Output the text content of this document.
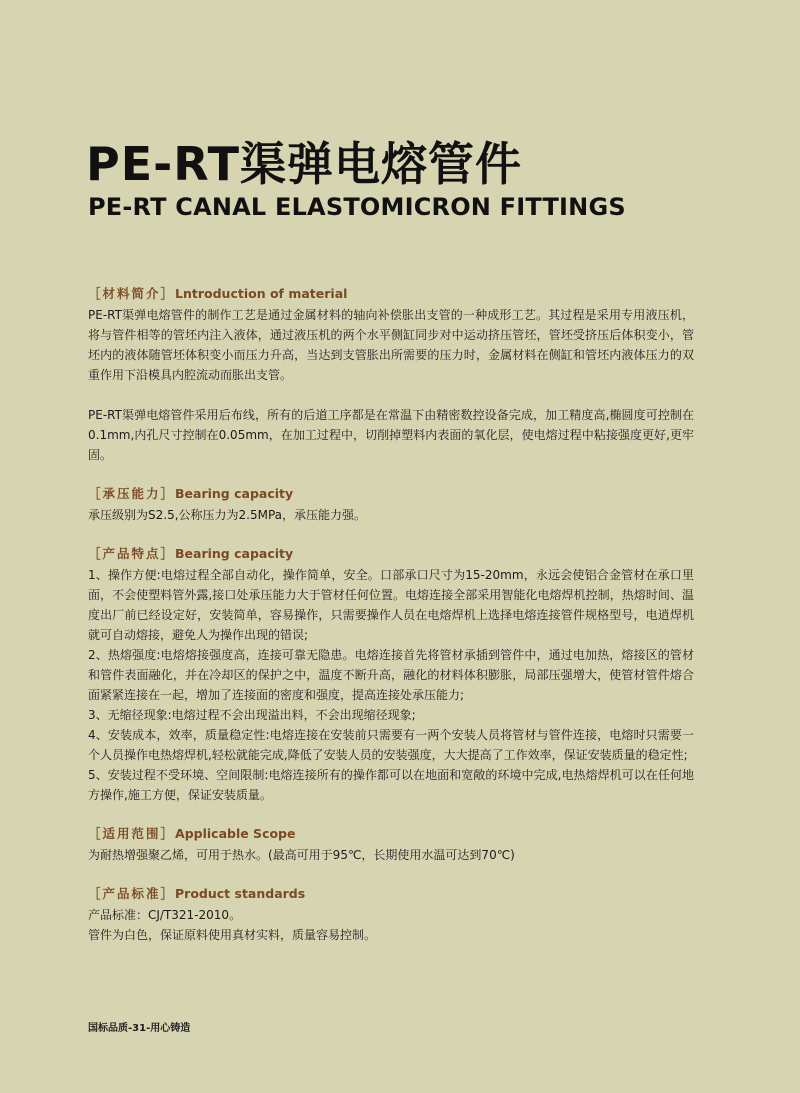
PE-RT渠弹电熔管件
PE-RT CANAL ELASTOMICRON FITTINGS
［材料简介］Lntroduction of material

PE-RT渠弹电熔管件的制作工艺是通过金属材料的轴向补偿胀出支管的一种成形工艺。其过程是采用专用液压机，将与管件相等的管坯内注入液体，通过液压机的两个水平侧缸同步对中运动挤压管坯，管坯受挤压后体积变小，管坯内的液体随管坯体积变小而压力升高，当达到支管胀出所需要的压力时，金属材料在侧缸和管坯内液体压力的双重作用下沿模具内腔流动而胀出支管。

PE-RT渠弹电熔管件采用后布线，所有的后道工序都是在常温下由精密数控设备完成，加工精度高,椭圆度可控制在0.1mm,内孔尺寸控制在0.05mm，在加工过程中，切削掉塑料内表面的氧化层，使电熔过程中粘接强度更好,更牢固。

［承压能力］Bearing capacity

承压级别为S2.5,公称压力为2.5MPa，承压能力强。

［产品特点］Bearing capacity

1、操作方便:电熔过程全部自动化，操作简单，安全。口部承口尺寸为15-20mm，永远会使铝合金管材在承口里面，不会使塑料管外露,接口处承压能力大于管材任何位置。电熔连接全部采用智能化电熔焊机控制，热熔时间、温度出厂前已经设定好，安装简单，容易操作，只需要操作人员在电熔焊机上选择电熔连接管件规格型号，电逍焊机就可自动熔接，避免人为操作出现的错误;

2、热熔强度:电熔熔接强度高，连接可靠无隐患。电熔连接首先将管材承插到管件中，通过电加热，熔接区的管材和管件表面融化，并在冷却区的保护之中，温度不断升高，融化的材料体积膨胀，局部压强增大，使管材管件熔合面紧紧连接在一起，增加了连接面的密度和强度，提高连接处承压能力;

3、无缩径现象:电熔过程不会出现溢出料，不会出现缩径现象;

4、安装成本，效率，质量稳定性:电熔连接在安装前只需要有一两个安装人员将管材与管件连接，电熔时只需要一个人员操作电热熔焊机,轻松就能完成,降低了安装人员的安装强度，大大提高了工作效率，保证安装质量的稳定性;

5、安装过程不受环境、空间限制:电熔连接所有的操作都可以在地面和宽敞的环境中完成,电热熔焊机可以在任何地方操作,施工方便，保证安装质量。

［适用范围］Applicable Scope

为耐热增强聚乙烯，可用于热水。(最高可用于95℃，长期使用水温可达到70℃)

［产品标准］Product standards

产品标准：CJ/T321-2010。

管件为白色，保证原料使用真材实料，质量容易控制。

国标品质-31-用心铸造
